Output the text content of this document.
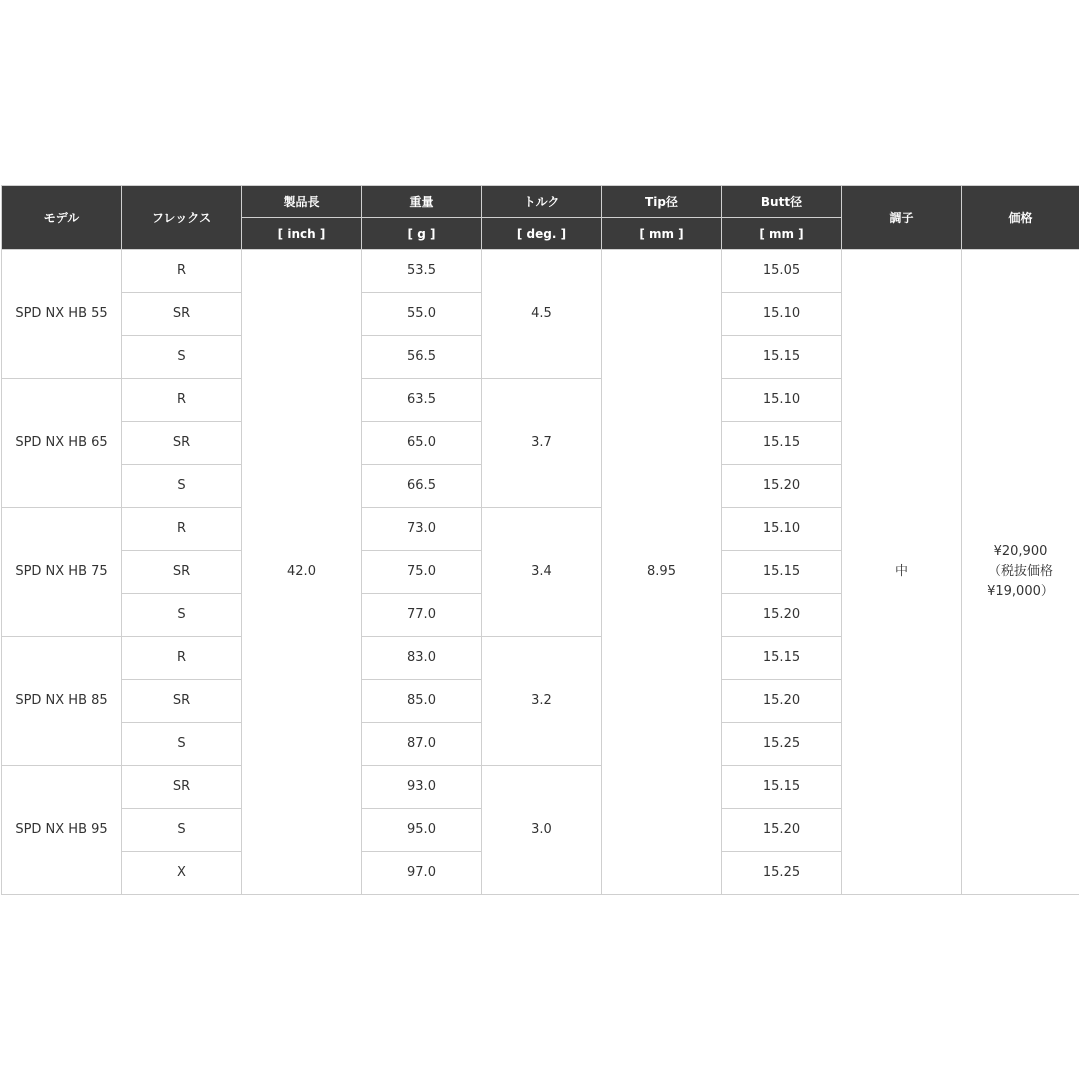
モデル	フレックス	製品長	重量	トルク	Tip径	Butt径	調子	価格
		[ inch ]	[ g ]	[ deg. ]	[ mm ]	[ mm ]		
SPD NX HB 55	R	42.0	53.5	4.5	8.95	15.05	中	¥20,900
（税抜価格
¥19,000）

	SR		55.0			15.10		
	S		56.5			15.15		
SPD NX HB 65	R		63.5	3.7		15.10		
	SR		65.0			15.15		
	S		66.5			15.20		
SPD NX HB 75	R		73.0	3.4		15.10		
	SR		75.0			15.15		
	S		77.0			15.20		
SPD NX HB 85	R		83.0	3.2		15.15		
	SR		85.0			15.20		
	S		87.0			15.25		
SPD NX HB 95	SR		93.0	3.0		15.15		
	S		95.0			15.20		
	X		97.0			15.25		
